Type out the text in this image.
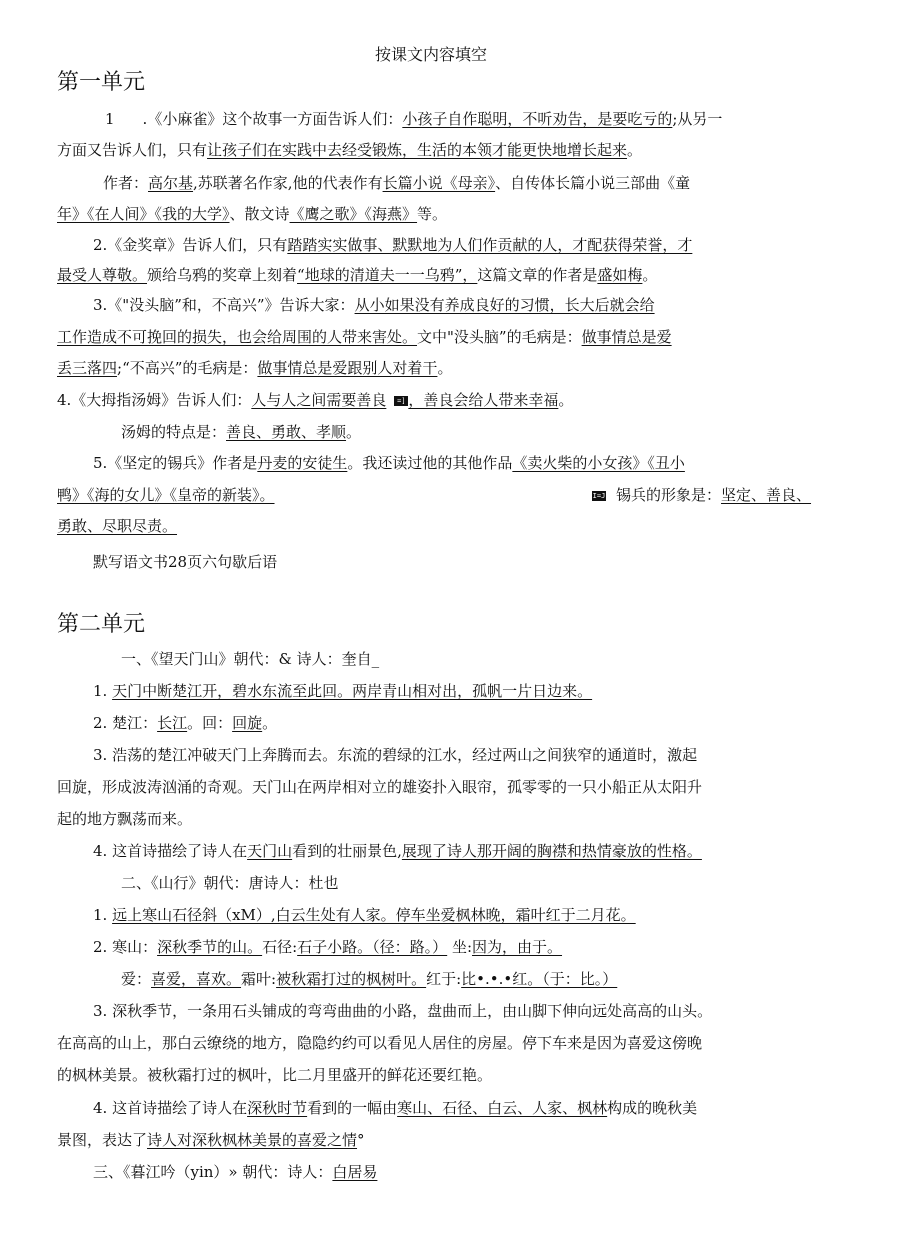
按课文内容填空
第一单元
1 .《小麻雀》这个故事一方面告诉人们：小孩子自作聪明，不听劝告，是要吃亏的;从另一
方面又告诉人们，只有让孩子们在实践中去经受锻炼，生活的本领才能更快地增长起来。
作者：高尔基,苏联著名作家,他的代表作有长篇小说《母亲》、自传体长篇小说三部曲《童
年》《在人间》《我的大学》、散文诗《鹰之歌》《海燕》等。
2.《金奖章》告诉人们，只有踏踏实实做事、默默地为人们作贡献的人，才配获得荣誉，才
最受人尊敬。颁给乌鸦的奖章上刻着“地球的清道夫一一乌鸦”，这篇文章的作者是盛如梅。
3.《"没头脑”和，不高兴”》告诉大家：从小如果没有养成良好的习惯，长大后就会给
工作造成不可挽回的损失，也会给周围的人带来害处。文中"没头脑”的毛病是：做事情总是爱
丢三落四;“不高兴”的毛病是：做事情总是爱跟别人对着干。
4.《大拇指汤姆》告诉人们：人与人之间需要善良 =] ，善良会给人带来幸福。
汤姆的特点是：善良、勇敢、孝顺。
5.《坚定的锡兵》作者是丹麦的安徒生。我还读过他的其他作品《卖火柴的小女孩》《丑小
鸭》《海的女儿》《皇帝的新装》。	I=J 锡兵的形象是：坚定、善良、
勇敢、尽职尽责。
默写语文书28页六句歇后语
第二单元
一、《望天门山》朝代：& 诗人：奎自_
1. 天门中断楚江开，碧水东流至此回。两岸青山相对出，孤帆一片日边来。
2. 楚江：长江。回：回旋。
3. 浩荡的楚江冲破天门上奔腾而去。东流的碧绿的江水，经过两山之间狭窄的通道时，激起
回旋，形成波涛汹涌的奇观。天门山在两岸相对立的雄姿扑入眼帘，孤零零的一只小船正从太阳升
起的地方飘荡而来。
4. 这首诗描绘了诗人在天门山看到的壮丽景色,展现了诗人那开阔的胸襟和热情豪放的性格。
二、《山行》朝代：唐诗人：杜也
1. 远上寒山石径斜（xM）,白云生处有人家。停车坐爱枫林晚，霜叶红于二月花。
2. 寒山：深秋季节的山。石径:石子小路。（径：路。） 坐:因为，由于。
爱：喜爱，喜欢。霜叶:被秋霜打过的枫树叶。红于:比•.•.•红。（于：比。）
3. 深秋季节，一条用石头铺成的弯弯曲曲的小路，盘曲而上，由山脚下伸向远处高高的山头。
在高高的山上，那白云缭绕的地方，隐隐约约可以看见人居住的房屋。停下车来是因为喜爱这傍晚
的枫林美景。被秋霜打过的枫叶，比二月里盛开的鲜花还要红艳。
4. 这首诗描绘了诗人在深秋时节看到的一幅由寒山、石径、白云、人家、枫林构成的晚秋美
景图，表达了诗人对深秋枫林美景的喜爱之情°
三、《暮江吟（yin）» 朝代：诗人：白居易
